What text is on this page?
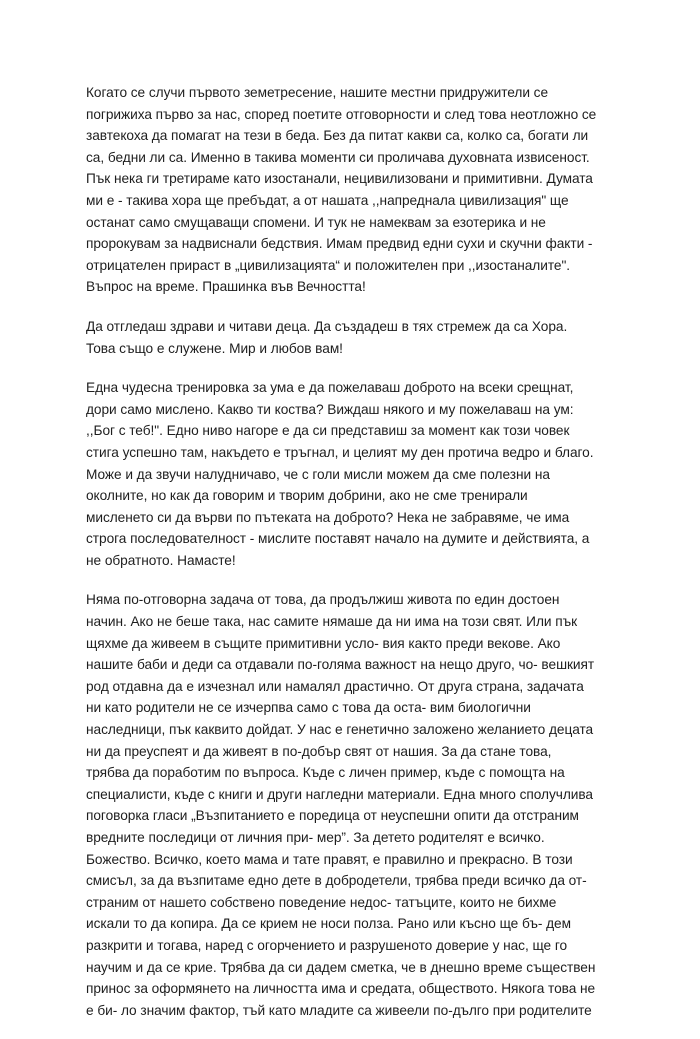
Когато се случи първото земетресение, нашите местни придружители се
погрижиха първо за нас, според поетите отговорности и след това неотложно се
завтекоха да помагат на тези в беда. Без да питат какви са, колко са, богати ли
са, бедни ли са. Именно в такива моменти си проличава духовната извисеност.
Пък нека ги третираме като изостанали, нецивилизовани и примитивни. Думата
ми е - такива хора ще пребъдат, а от нашата ,,напреднала цивилизация" ще
останат само смущаващи спомени. И тук не намеквам за езотерика и не
пророкувам за надвиснали бедствия. Имам предвид едни сухи и скучни факти -
отрицателен прираст в „цивилизацията“ и положителен при ,,изостаналите".
Въпрос на време. Прашинка във Вечността!
Да отгледаш здрави и читави деца. Да създадеш в тях стремеж да са Хора.
Това също е служене. Мир и любов вам!
Една чудесна тренировка за ума е да пожелаваш доброто на всеки срещнат,
дори само мислено. Какво ти коства? Виждаш някого и му пожелаваш на ум:
,,Бог с теб!". Едно ниво нагоре е да си представиш за момент как този човек
стига успешно там, накъдето е тръгнал, и целият му ден протича ведро и благо.
Може и да звучи налудничаво, че с голи мисли можем да сме полезни на
околните, но как да говорим и творим добрини, ако не сме тренирали
мисленето си да върви по пътеката на доброто? Нека не забравяме, че има
строга последователност - мислите поставят начало на думите и действията, а
не обратното. Намасте!
Няма по-отговорна задача от това, да продължиш живота по един достоен
начин. Ако не беше така, нас самите нямаше да ни има на този свят. Или пък
щяхме да живеем в същите примитивни усло- вия както преди векове. Ако
нашите баби и деди са отдавали по-голяма важност на нещо друго, чо- вешкият
род отдавна да е изчезнал или намалял драстично. От друга страна, задачата
ни като родители не се изчерпва само с това да оста- вим биологични
наследници, пък каквито дойдат. У нас е генетично заложено желанието децата
ни да преуспеят и да живеят в по-добър свят от нашия. За да стане това,
трябва да поработим по въпроса. Къде с личен пример, къде с помощта на
специалисти, къде с книги и други нагледни материали. Една много сполучлива
поговорка гласи „Възпитанието е поредица от неуспешни опити да отстраним
вредните последици от личния при- мер”. За детето родителят е всичко.
Божество. Всичко, което мама и тате правят, е правилно и прекрасно. В този
смисъл, за да възпитаме едно дете в добродетели, трябва преди всичко да от-
страним от нашето собствено поведение недос- татъците, които не бихме
искали то да копира. Да се крием не носи полза. Рано или късно ще бъ- дем
разкрити и тогава, наред с огорчението и разрушеното доверие у нас, ще го
научим и да се крие. Трябва да си дадем сметка, че в днешно време съществен
принос за оформянето на личността има и средата, обществото. Някога това не
е би- ло значим фактор, тъй като младите са живеели по-дълго при родителите
